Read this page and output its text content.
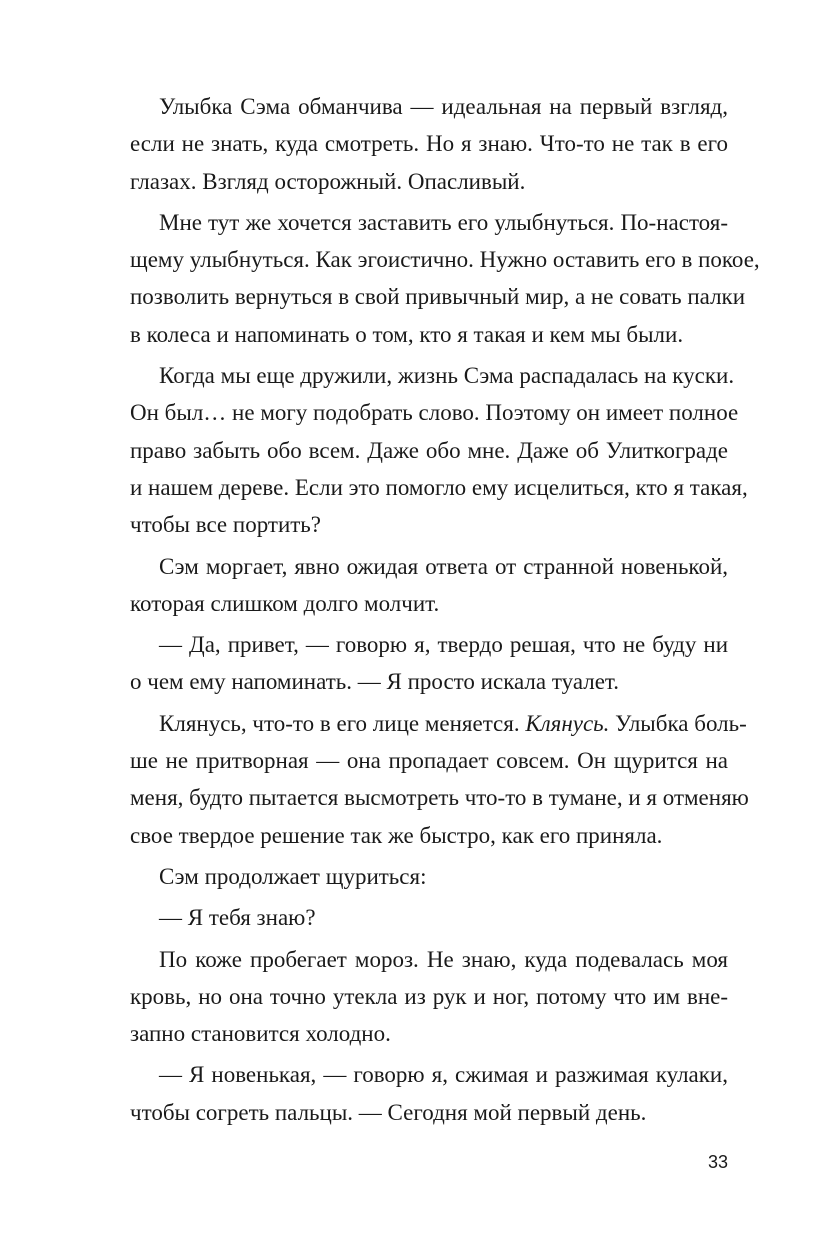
Улыбка Сэма обманчива — идеальная на первый взгляд,
если не знать, куда смотреть. Но я знаю. Что-то не так в его
глазах. Взгляд осторожный. Опасливый.
Мне тут же хочется заставить его улыбнуться. По-настоя-
щему улыбнуться. Как эгоистично. Нужно оставить его в покое,
позволить вернуться в свой привычный мир, а не совать палки
в колеса и напоминать о том, кто я такая и кем мы были.
Когда мы еще дружили, жизнь Сэма распадалась на куски.
Он был… не могу подобрать слово. Поэтому он имеет полное
право забыть обо всем. Даже обо мне. Даже об Улиткограде
и нашем дереве. Если это помогло ему исцелиться, кто я такая,
чтобы все портить?
Сэм моргает, явно ожидая ответа от странной новенькой,
которая слишком долго молчит.
— Да, привет, — говорю я, твердо решая, что не буду ни
о чем ему напоминать. — Я просто искала туалет.
Клянусь, что-то в его лице меняется. Клянусь. Улыбка боль-
ше не притворная — она пропадает совсем. Он щурится на
меня, будто пытается высмотреть что-то в тумане, и я отменяю
свое твердое решение так же быстро, как его приняла.
Сэм продолжает щуриться:
— Я тебя знаю?
По коже пробегает мороз. Не знаю, куда подевалась моя
кровь, но она точно утекла из рук и ног, потому что им вне-
запно становится холодно.
— Я новенькая, — говорю я, сжимая и разжимая кулаки,
чтобы согреть пальцы. — Сегодня мой первый день.
33
